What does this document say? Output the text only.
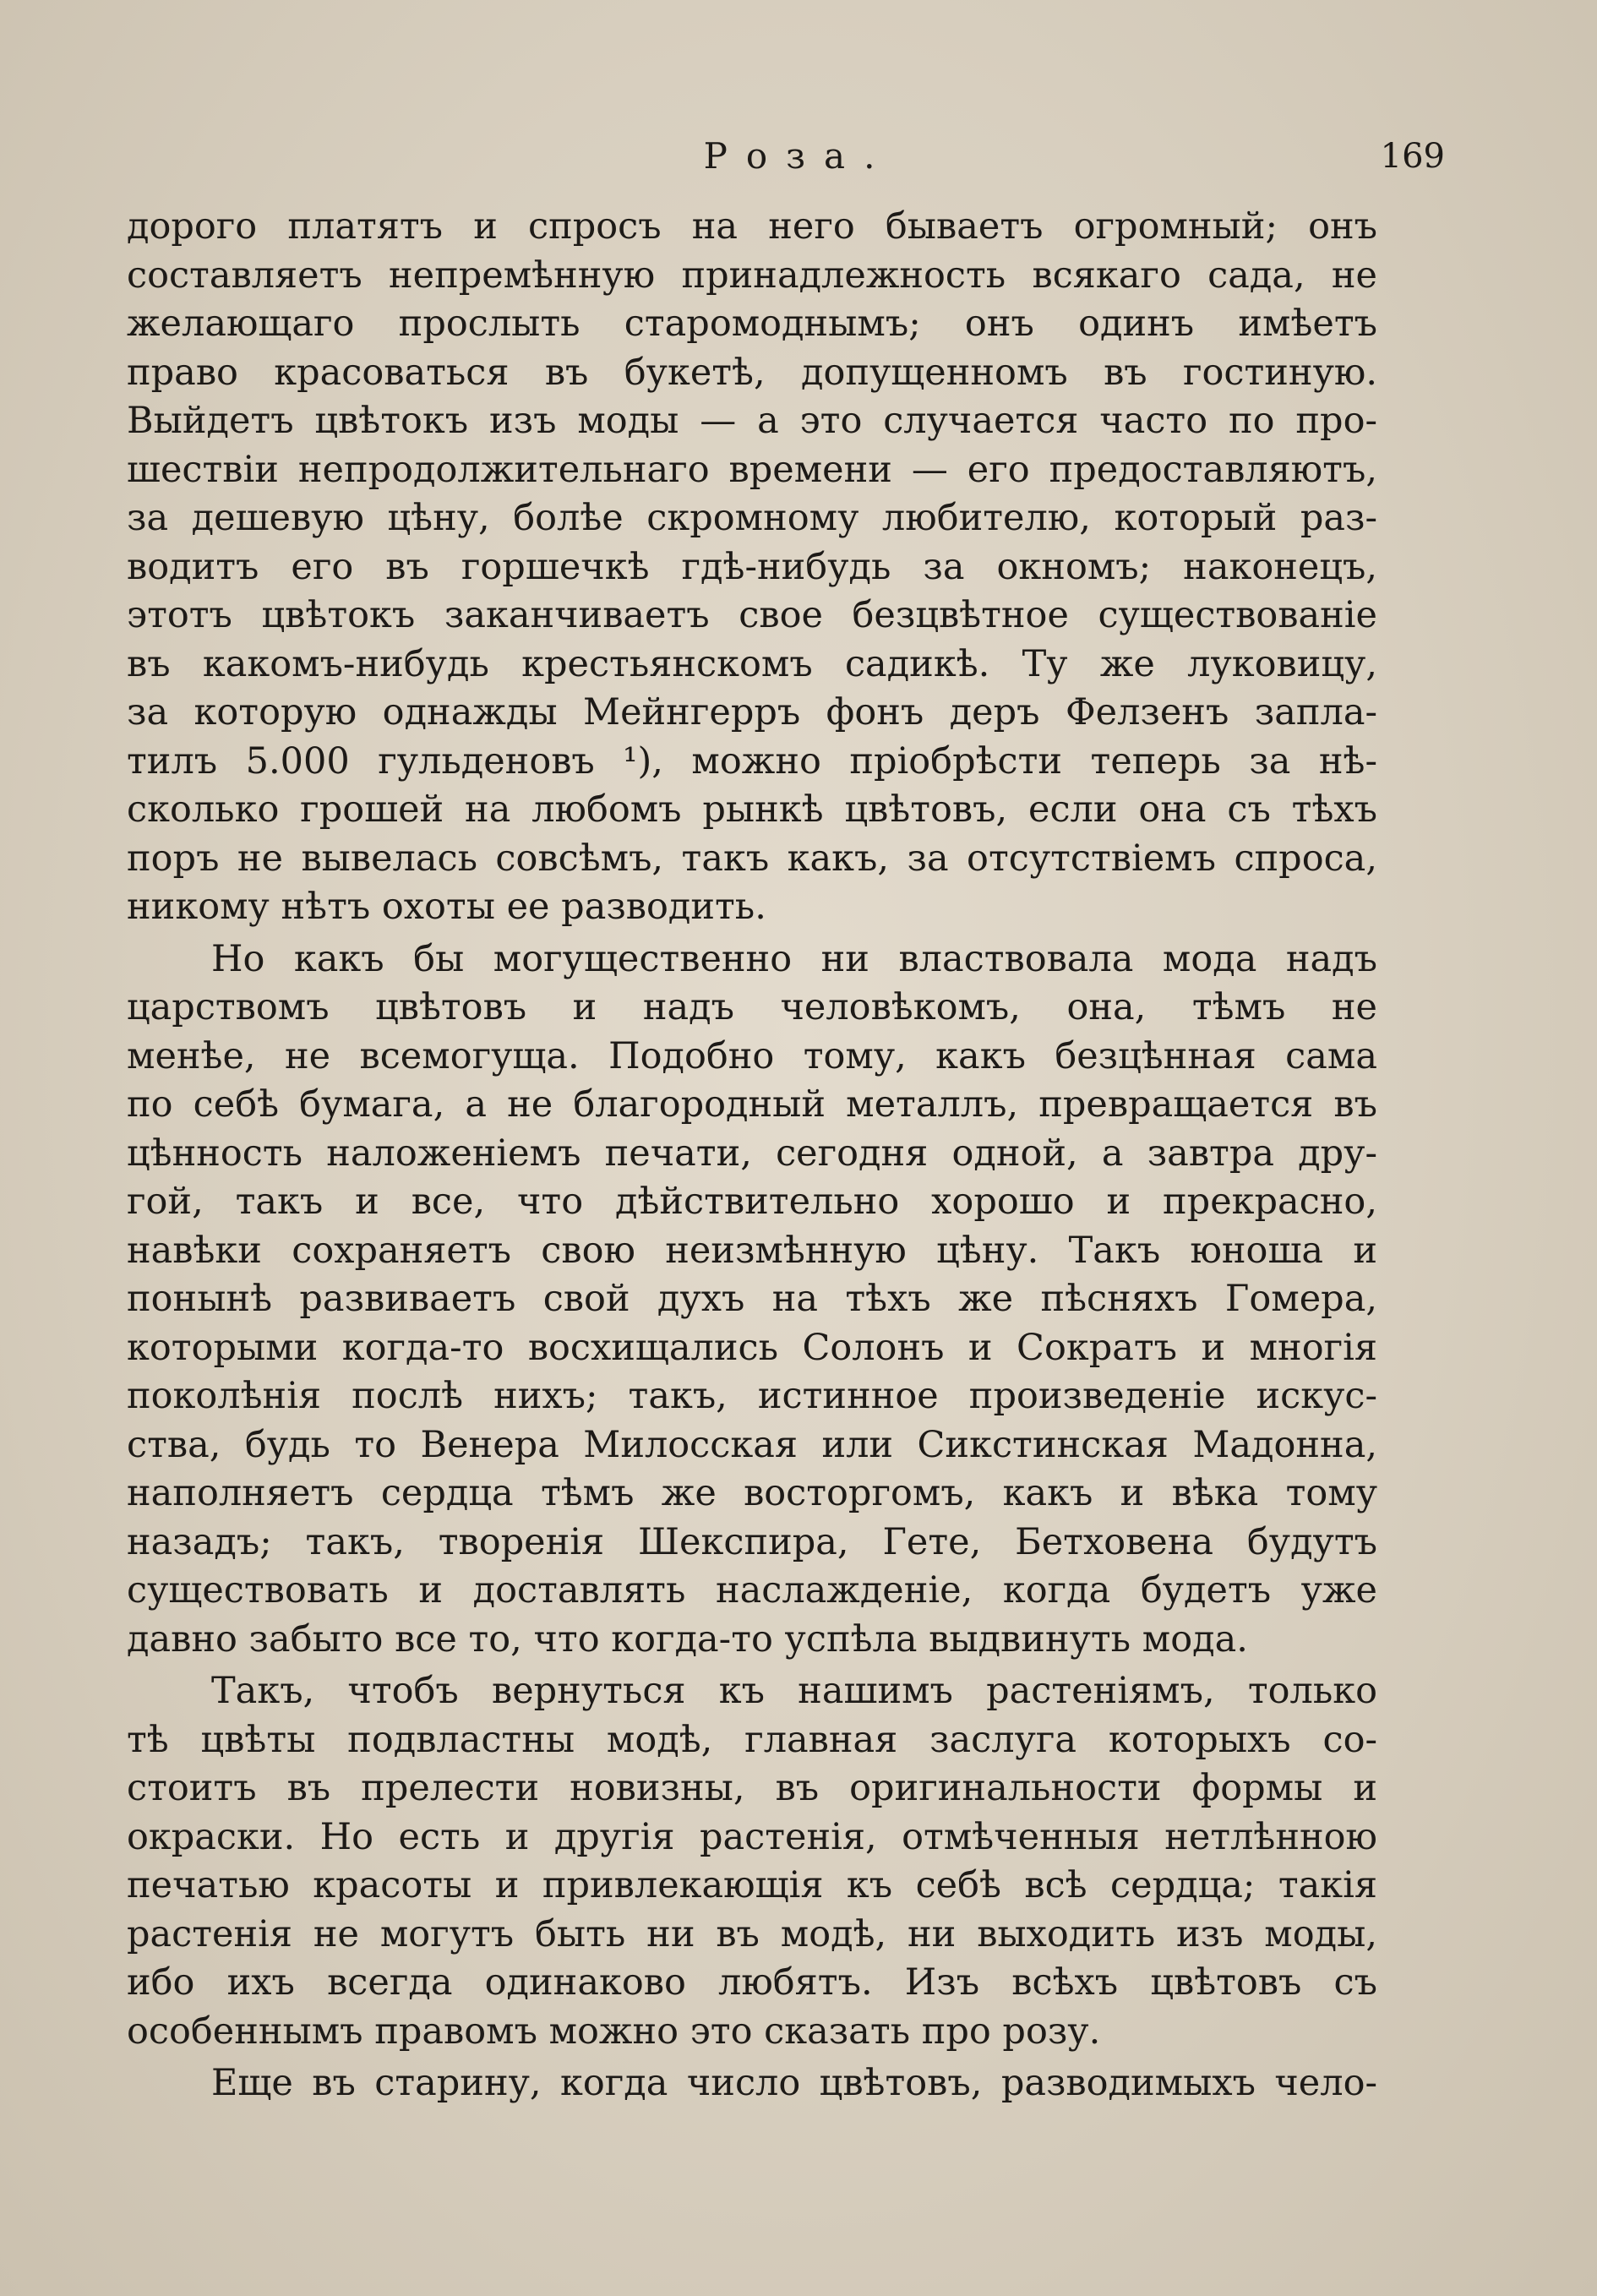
Роза.	169

дорого платятъ и спросъ на него бываетъ огромный; онъ
составляетъ непремѣнную принадлежность всякаго сада, не
желающаго прослыть старомоднымъ; онъ одинъ имѣетъ
право красоваться въ букетѣ, допущенномъ въ гостиную.
Выйдетъ цвѣтокъ изъ моды — а это случается часто по про-
шествіи непродолжительнаго времени — его предоставляютъ,
за дешевую цѣну, болѣе скромному любителю, который раз-
водитъ его въ горшечкѣ гдѣ-нибудь за окномъ; наконецъ,
этотъ цвѣтокъ заканчиваетъ свое безцвѣтное существованіе
въ какомъ-нибудь крестьянскомъ садикѣ. Ту же луковицу,
за которую однажды Мейнгерръ фонъ деръ Фелзенъ запла-
тилъ 5.000 гульденовъ ¹), можно пріобрѣсти теперь за нѣ-
сколько грошей на любомъ рынкѣ цвѣтовъ, если она съ тѣхъ
поръ не вывелась совсѣмъ, такъ какъ, за отсутствіемъ спроса,
никому нѣтъ охоты ее разводить.

Но какъ бы могущественно ни властвовала мода надъ
царствомъ цвѣтовъ и надъ человѣкомъ, она, тѣмъ не
менѣе, не всемогуща. Подобно тому, какъ безцѣнная сама
по себѣ бумага, а не благородный металлъ, превращается въ
цѣнность наложеніемъ печати, сегодня одной, а завтра дру-
гой, такъ и все, что дѣйствительно хорошо и прекрасно,
навѣки сохраняетъ свою неизмѣнную цѣну. Такъ юноша и
понынѣ развиваетъ свой духъ на тѣхъ же пѣсняхъ Гомера,
которыми когда-то восхищались Солонъ и Сократъ и многія
поколѣнія послѣ нихъ; такъ, истинное произведеніе искус-
ства, будь то Венера Милосская или Сикстинская Мадонна,
наполняетъ сердца тѣмъ же восторгомъ, какъ и вѣка тому
назадъ; такъ, творенія Шекспира, Гете, Бетховена будутъ
существовать и доставлять наслажденіе, когда будетъ уже
давно забыто все то, что когда-то успѣла выдвинуть мода.

Такъ, чтобъ вернуться къ нашимъ растеніямъ, только
тѣ цвѣты подвластны модѣ, главная заслуга которыхъ со-
стоитъ въ прелести новизны, въ оригинальности формы и
окраски. Но есть и другія растенія, отмѣченныя нетлѣнною
печатью красоты и привлекающія къ себѣ всѣ сердца; такія
растенія не могутъ быть ни въ модѣ, ни выходить изъ моды,
ибо ихъ всегда одинаково любятъ. Изъ всѣхъ цвѣтовъ съ
особеннымъ правомъ можно это сказать про розу.

Еще въ старину, когда число цвѣтовъ, разводимыхъ чело-
